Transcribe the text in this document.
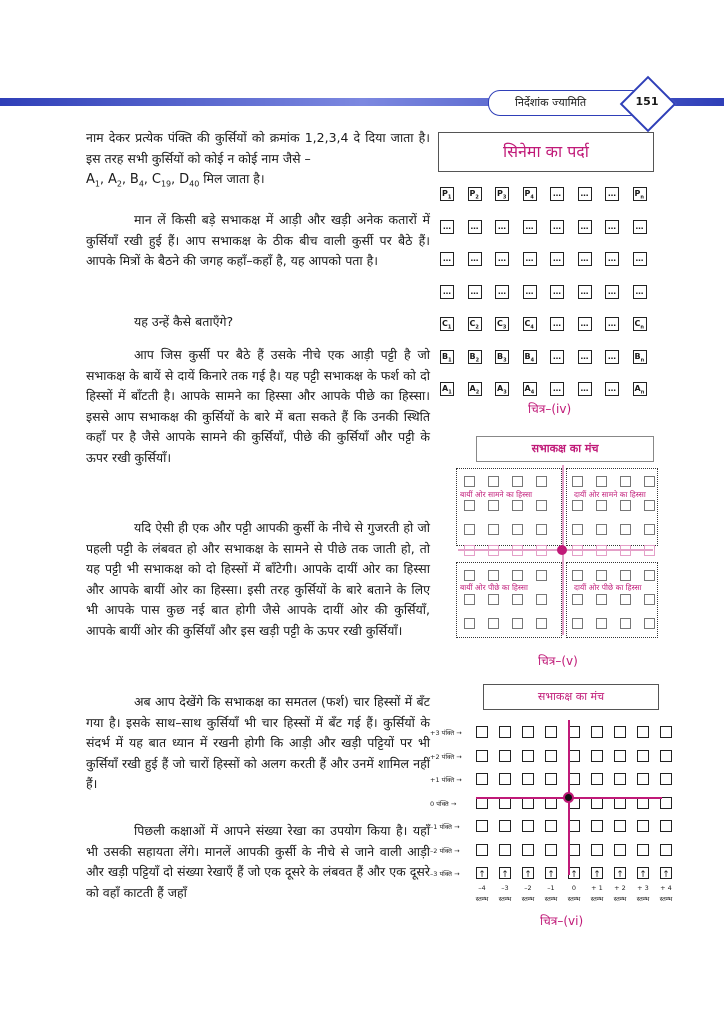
निर्देशांक ज्यामिति	151

नाम देकर प्रत्येक पंक्ति की कुर्सियों को क्रमांक 1,2,3,4 दे दिया जाता है। इस तरह सभी कुर्सियों को कोई न कोई नाम जैसे –
$A_1$, $A_2$, $B_4$, $C_{19}$, $D_{40}$ मिल जाता है।

मान लें किसी बड़े सभाकक्ष में आड़ी और खड़ी अनेक कतारों में कुर्सियाँ रखी हुई हैं। आप सभाकक्ष के ठीक बीच वाली कुर्सी पर बैठे हैं। आपके मित्रों के बैठने की जगह कहाँ–कहाँ है, यह आपको पता है।

यह उन्हें कैसे बताएँगे?

आप जिस कुर्सी पर बैठे हैं उसके नीचे एक आड़ी पट्टी है जो सभाकक्ष के बायें से दायें किनारे तक गई है। यह पट्टी सभाकक्ष के फर्श को दो हिस्सों में बाँटती है। आपके सामने का हिस्सा और आपके पीछे का हिस्सा। इससे आप सभाकक्ष की कुर्सियों के बारे में बता सकते हैं कि उनकी स्थिति कहाँ पर है जैसे आपके सामने की कुर्सियाँ, पीछे की कुर्सियाँ और पट्टी के ऊपर रखी कुर्सियाँ।

यदि ऐसी ही एक और पट्टी आपकी कुर्सी के नीचे से गुजरती हो जो पहली पट्टी के लंबवत हो और सभाकक्ष के सामने से पीछे तक जाती हो, तो यह पट्टी भी सभाकक्ष को दो हिस्सों में बाँटेगी। आपके दायीं ओर का हिस्सा और आपके बायीं ओर का हिस्सा। इसी तरह कुर्सियों के बारे बताने के लिए भी आपके पास कुछ नई बात होगी जैसे आपके दायीं ओर की कुर्सियाँ, आपके बायीं ओर की कुर्सियाँ और इस खड़ी पट्टी के ऊपर रखी कुर्सियाँ।

अब आप देखेंगे कि सभाकक्ष का समतल (फर्श) चार हिस्सों में बँट गया है। इसके साथ–साथ कुर्सियाँ भी चार हिस्सों में बँट गई हैं। कुर्सियों के संदर्भ में यह बात ध्यान में रखनी होगी कि आड़ी और खड़ी पट्टियों पर भी कुर्सियाँ रखी हुई हैं जो चारों हिस्सों को अलग करती हैं और उनमें शामिल नहीं हैं।

पिछली कक्षाओं में आपने संख्या रेखा का उपयोग किया है। यहाँ भी उसकी सहायता लेंगे। मानलें आपकी कुर्सी के नीचे से जाने वाली आड़ी और खड़ी पट्टियाँ दो संख्या रेखाएँ हैं जो एक दूसरे के लंबवत हैं और एक दूसरे को वहाँ काटती हैं जहाँ

सिनेमा का पर्दा
$P_1$	$P_2$	$P_3$	$P_4$	…	…	…	$P_n$
…	…	…	…	…	…	…	…
…	…	…	…	…	…	…	…
…	…	…	…	…	…	…	…
$C_1$	$C_2$	$C_3$	$C_4$	…	…	…	$C_n$
$B_1$	$B_2$	$B_3$	$B_4$	…	…	…	$B_n$
$A_1$ $A_2$ $A_3$ $A_4$	…	…	…	$A_n$
चित्र–(iv)
सभाकक्ष का मंच
बायीं ओर सामने का हिस्सा	दायीं ओर सामने का हिस्सा
बायीं ओर पीछे का हिस्सा	दायीं ओर पीछे का हिस्सा
चित्र–(v)
सभाकक्ष का मंच
+3 पंक्ति →
+2 पंक्ति →
+1 पंक्ति →
0 पंक्ति →
–1 पंक्ति →
–2 पंक्ति →
–3 पंक्ति →	↑
–4
स्तम्भ
↑
–3
स्तम्भ
↑
–2
स्तम्भ
↑
–1
स्तम्भ
↑
0
स्तम्भ
↑
+ 1
स्तम्भ
↑
+ 2
स्तम्भ
↑
+ 3
स्तम्भ
↑
+ 4
स्तम्भ
चित्र–(vi)
